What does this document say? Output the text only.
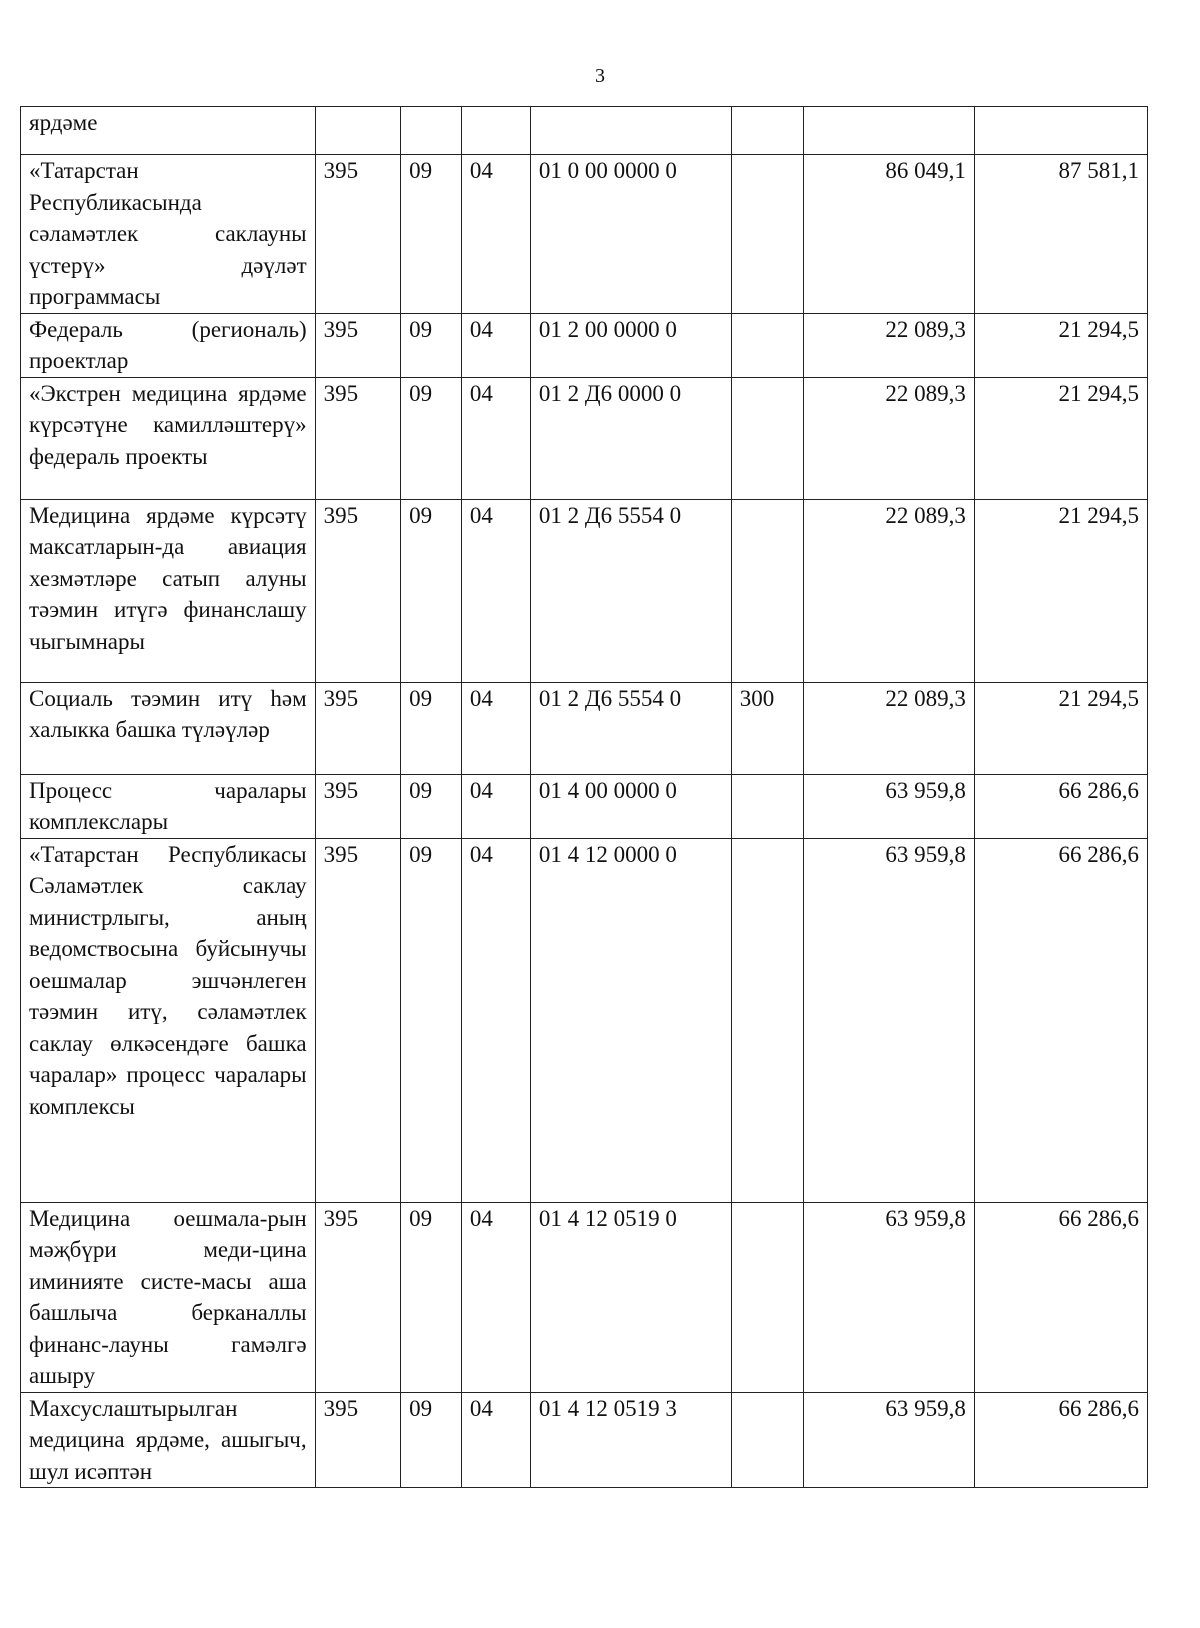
3
ярдәме							
«Татарстан Республикасында сәламәтлек саклауны үстерү» дәүләт программасы	395	09	04	01 0 00 0000 0		86 049,1	87 581,1
Федераль (региональ) проектлар	395	09	04	01 2 00 0000 0		22 089,3	21 294,5
«Экстрен медицина ярдәме күрсәтүне камилләштерү» федераль проекты	395	09	04	01 2 Д6 0000 0		22 089,3	21 294,5
Медицина ярдәме күрсәтү максатларын-да авиация хезмәтләре сатып алуны тәэмин итүгә финанслашу чыгымнары	395	09	04	01 2 Д6 5554 0		22 089,3	21 294,5
Социаль тәэмин итү һәм халыкка башка түләүләр	395	09	04	01 2 Д6 5554 0	300	22 089,3	21 294,5
Процесс чаралары комплекслары	395	09	04	01 4 00 0000 0		63 959,8	66 286,6
«Татарстан Республикасы Сәламәтлек саклау министрлыгы, аның ведомствосына буйсынучы оешмалар эшчәнлеген тәэмин итү, сәламәтлек саклау өлкәсендәге башка чаралар» процесс чаралары комплексы	395	09	04	01 4 12 0000 0		63 959,8	66 286,6
Медицина оешмала-рын мәҗбүри меди-цина иминияте систе-масы аша башлыча берканаллы финанс-лауны гамәлгә ашыру	395	09	04	01 4 12 0519 0		63 959,8	66 286,6
Махсуслаштырылган медицина ярдәме, ашыгыч, шул исәптән	395	09	04	01 4 12 0519 3		63 959,8	66 286,6
